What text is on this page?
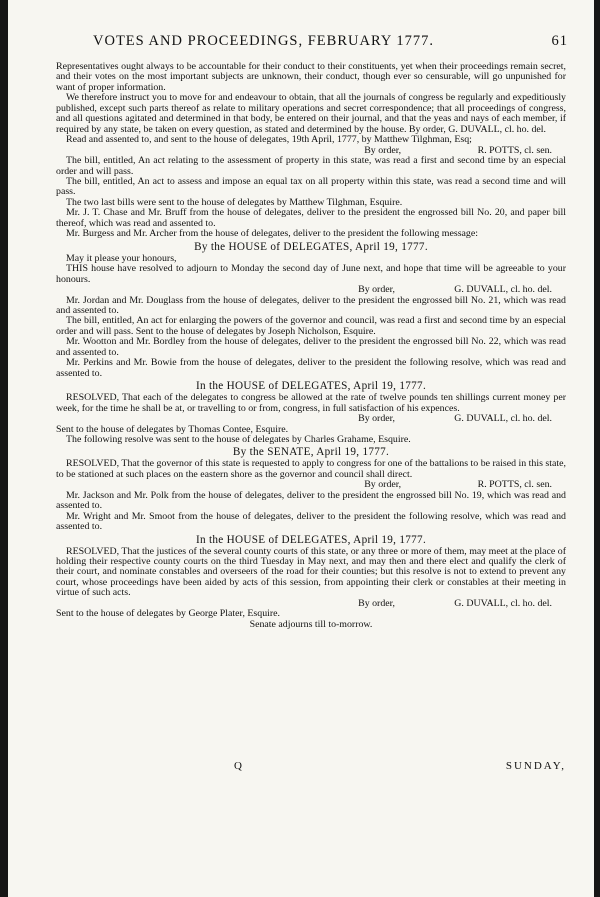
VOTES AND PROCEEDINGS, FEBRUARY 1777.	61

Representatives ought always to be accountable for their conduct to their constituents, yet when their proceedings remain secret, and their votes on the most important subjects are unknown, their conduct, though ever so censurable, will go unpunished for want of proper information.

We therefore instruct you to move for and endeavour to obtain, that all the journals of congress be regularly and expeditiously published, except such parts thereof as relate to military operations and secret correspondence; that all proceedings of congress, and all questions agitated and determined in that body, be entered on their journal, and that the yeas and nays of each member, if required by any state, be taken on every question, as stated and determined by the house. By order, G. DUVALL, cl. ho. del.

Read and assented to, and sent to the house of delegates, 19th April, 1777, by Matthew Tilghman, Esq;

By order,                               R. POTTS, cl. sen.

The bill, entitled, An act relating to the assessment of property in this state, was read a first and second time by an especial order and will pass.

The bill, entitled, An act to assess and impose an equal tax on all property within this state, was read a second time and will pass.

The two last bills were sent to the house of delegates by Matthew Tilghman, Esquire.

Mr. J. T. Chase and Mr. Bruff from the house of delegates, deliver to the president the engrossed bill No. 20, and paper bill thereof, which was read and assented to.

Mr. Burgess and Mr. Archer from the house of delegates, deliver to the president the following message:

By the HOUSE of DELEGATES, April 19, 1777.

May it please your honours,

THIS house have resolved to adjourn to Monday the second day of June next, and hope that time will be agreeable to your honours.

By order,                        G. DUVALL, cl. ho. del.

Mr. Jordan and Mr. Douglass from the house of delegates, deliver to the president the engrossed bill No. 21, which was read and assented to.

The bill, entitled, An act for enlarging the powers of the governor and council, was read a first and second time by an especial order and will pass. Sent to the house of delegates by Joseph Nicholson, Esquire.

Mr. Wootton and Mr. Bordley from the house of delegates, deliver to the president the engrossed bill No. 22, which was read and assented to.

Mr. Perkins and Mr. Bowie from the house of delegates, deliver to the president the following resolve, which was read and assented to.

In the HOUSE of DELEGATES, April 19, 1777.

RESOLVED, That each of the delegates to congress be allowed at the rate of twelve pounds ten shillings current money per week, for the time he shall be at, or travelling to or from, congress, in full satisfaction of his expences.

By order,                        G. DUVALL, cl. ho. del.

Sent to the house of delegates by Thomas Contee, Esquire.

The following resolve was sent to the house of delegates by Charles Grahame, Esquire.

By the SENATE, April 19, 1777.

RESOLVED, That the governor of this state is requested to apply to congress for one of the battalions to be raised in this state, to be stationed at such places on the eastern shore as the governor and council shall direct.

By order,                               R. POTTS, cl. sen.

Mr. Jackson and Mr. Polk from the house of delegates, deliver to the president the engrossed bill No. 19, which was read and assented to.

Mr. Wright and Mr. Smoot from the house of delegates, deliver to the president the following resolve, which was read and assented to.

In the HOUSE of DELEGATES, April 19, 1777.

RESOLVED, That the justices of the several county courts of this state, or any three or more of them, may meet at the place of holding their respective county courts on the third Tuesday in May next, and may then and there elect and qualify the clerk of their court, and nominate constables and overseers of the road for their counties; but this resolve is not to extend to prevent any court, whose proceedings have been aided by acts of this session, from appointing their clerk or constables at their meeting in virtue of such acts.

By order,                        G. DUVALL, cl. ho. del.

Sent to the house of delegates by George Plater, Esquire.

Senate adjourns till to-morrow.

Q	SUNDAY,
